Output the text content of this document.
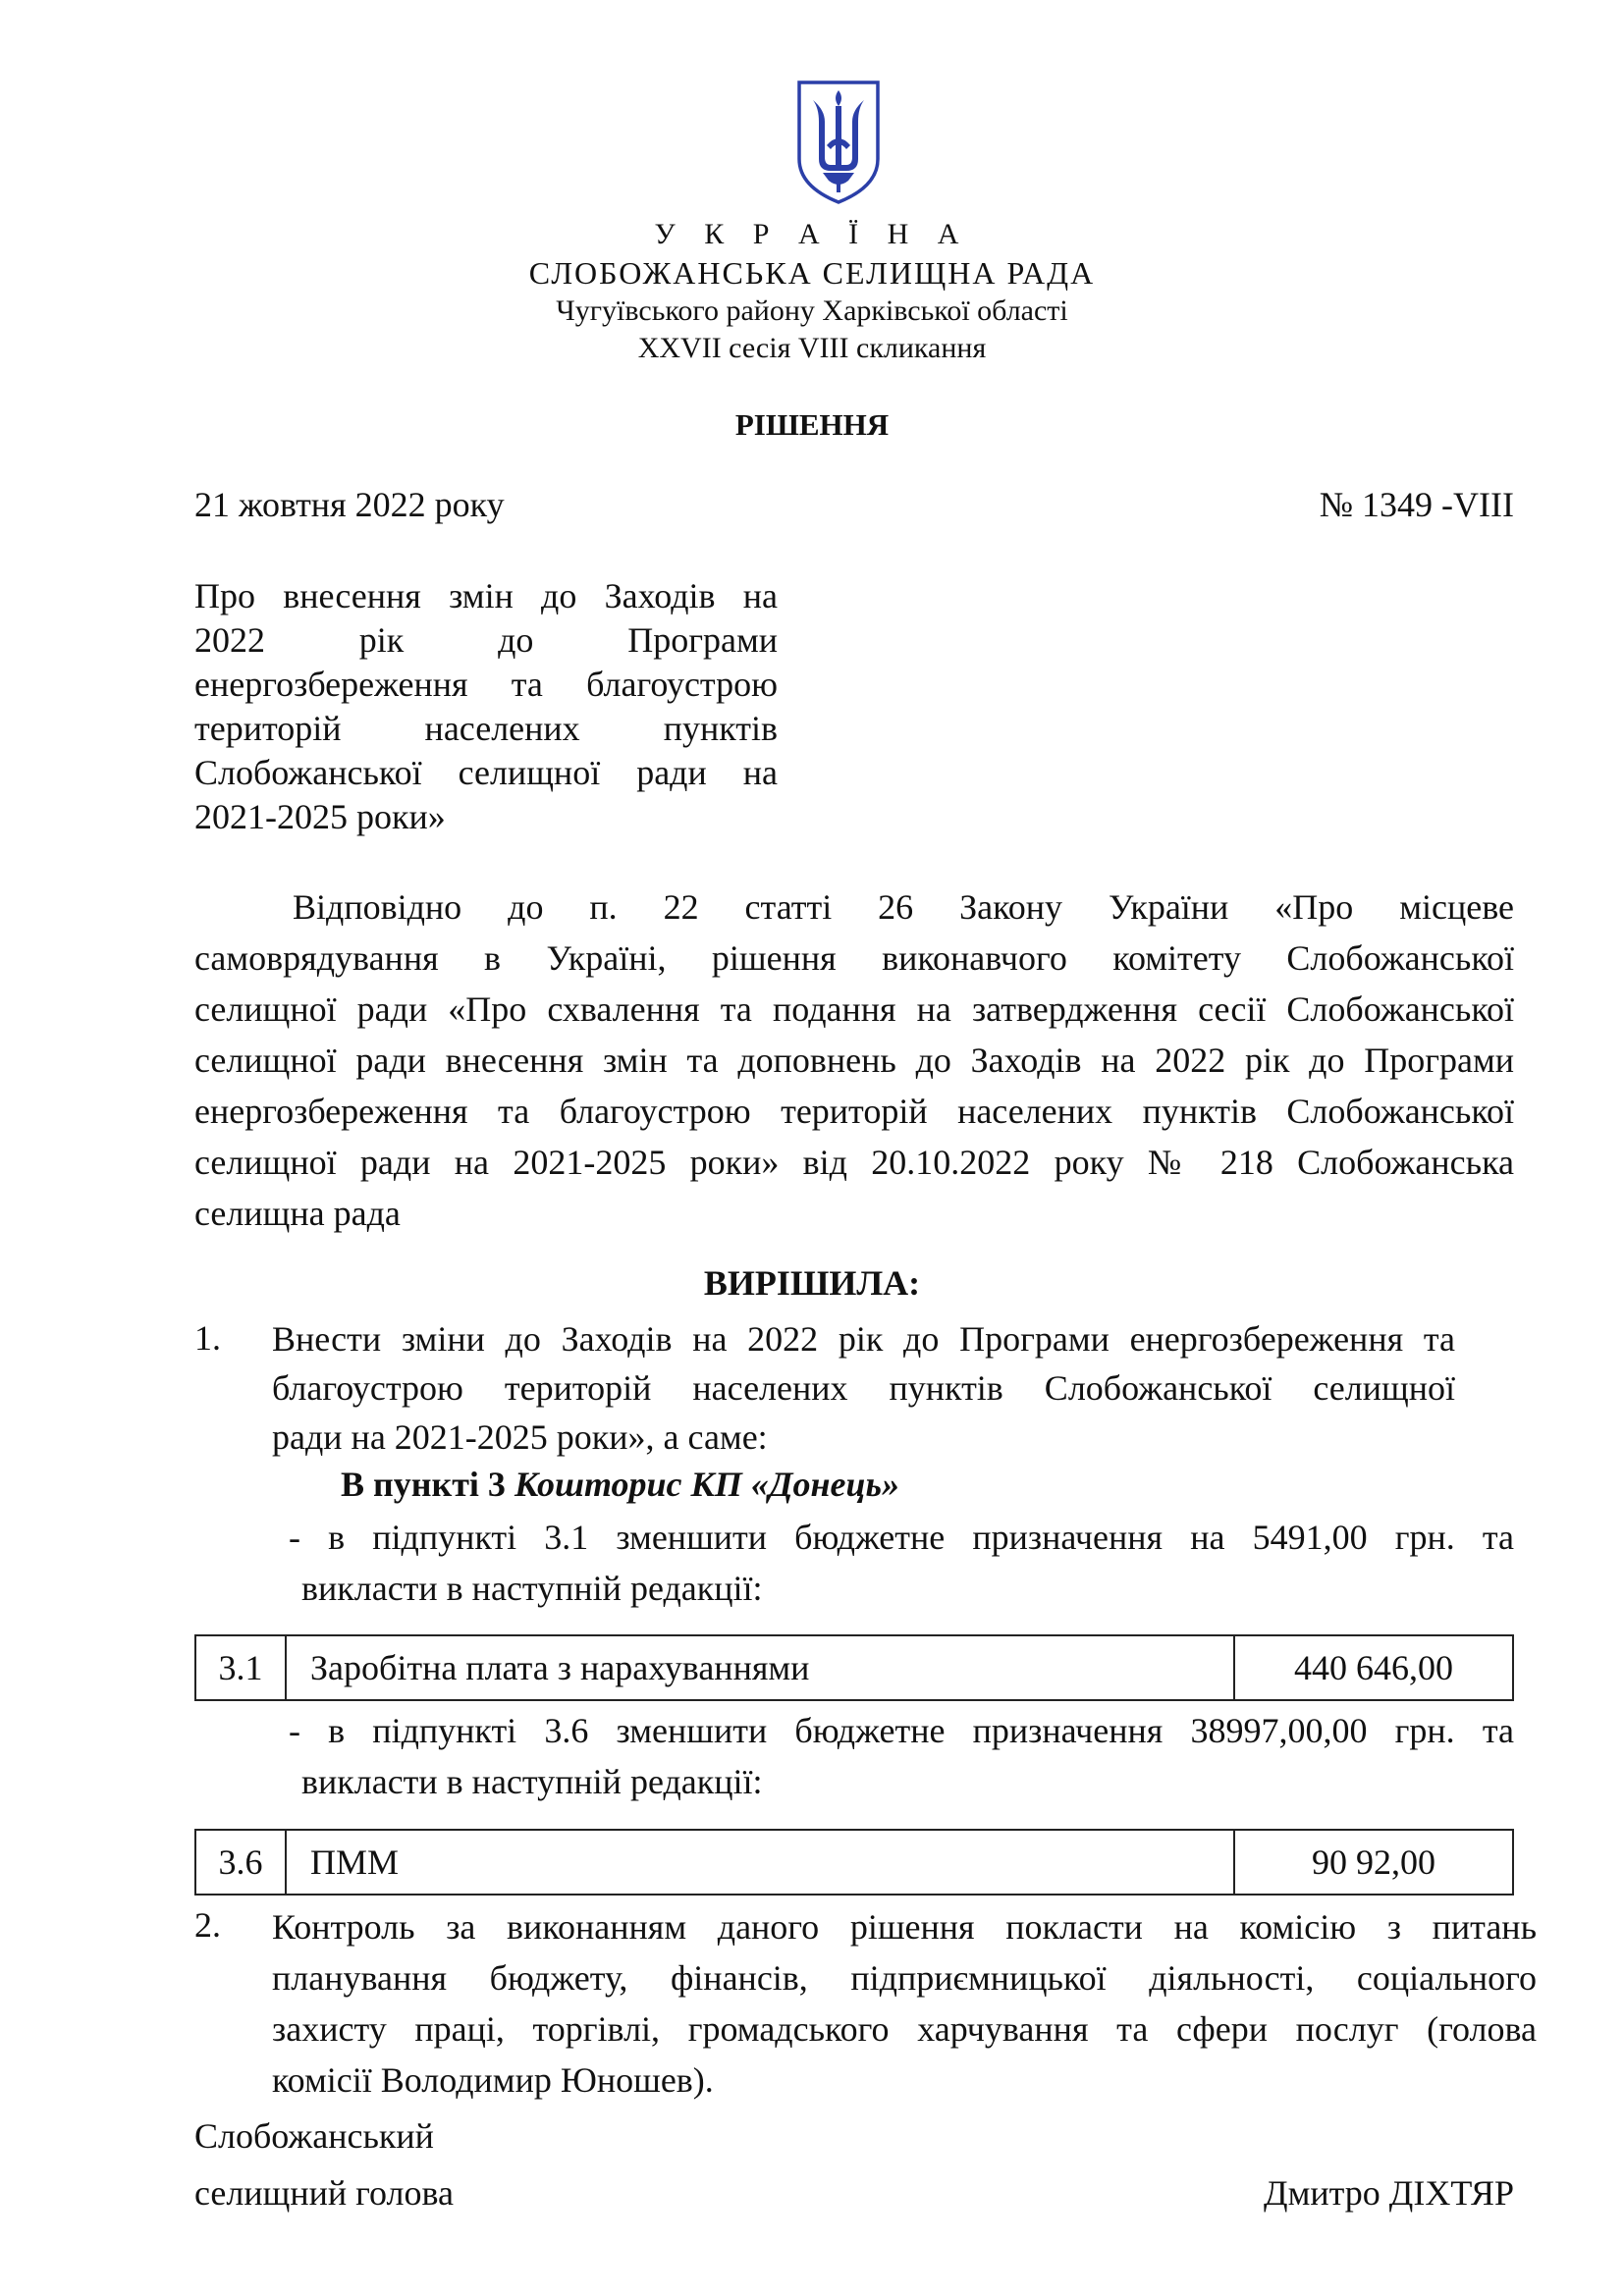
У К Р А Ї Н А
СЛОБОЖАНСЬКА СЕЛИЩНА РАДА
Чугуївського району Харківської області
XXVII сесія VIII скликання
РІШЕННЯ
21 жовтня 2022 року	№ 1349 -VIII
Про внесення змін до Заходів на
2022 рік до Програми
енергозбереження та благоустрою
територій населених пунктів
Слобожанської селищної ради на
2021-2025 роки»
Відповідно до п. 22 статті 26 Закону України «Про місцеве
самоврядування в Україні, рішення виконавчого комітету Слобожанської
селищної ради «Про схвалення та подання на затвердження сесії Слобожанської
селищної ради внесення змін та доповнень до Заходів на 2022 рік до Програми
енергозбереження та благоустрою територій населених пунктів Слобожанської
селищної ради на 2021-2025 роки» від 20.10.2022 року № 218 Слобожанська
селищна рада
ВИРІШИЛА:
1. Внести зміни до Заходів на 2022 рік до Програми енергозбереження та
благоустрою територій населених пунктів Слобожанської селищної
ради на 2021-2025 роки», а саме:
В пункті 3 Кошторис КП «Донець»
- в підпункті 3.1 зменшити бюджетне призначення на 5491,00 грн. та
викласти в наступній редакції:
3.1	Заробітна плата з нарахуваннями	440 646,00
- в підпункті 3.6 зменшити бюджетне призначення 38997,00,00 грн. та
викласти в наступній редакції:
3.6	ПММ	90 92,00
2. Контроль за виконанням даного рішення покласти на комісію з питань
планування бюджету, фінансів, підприємницької діяльності, соціального
захисту праці, торгівлі, громадського харчування та сфери послуг (голова
комісії Володимир Юношев).
Слобожанський
селищний голова	Дмитро ДІХТЯР
